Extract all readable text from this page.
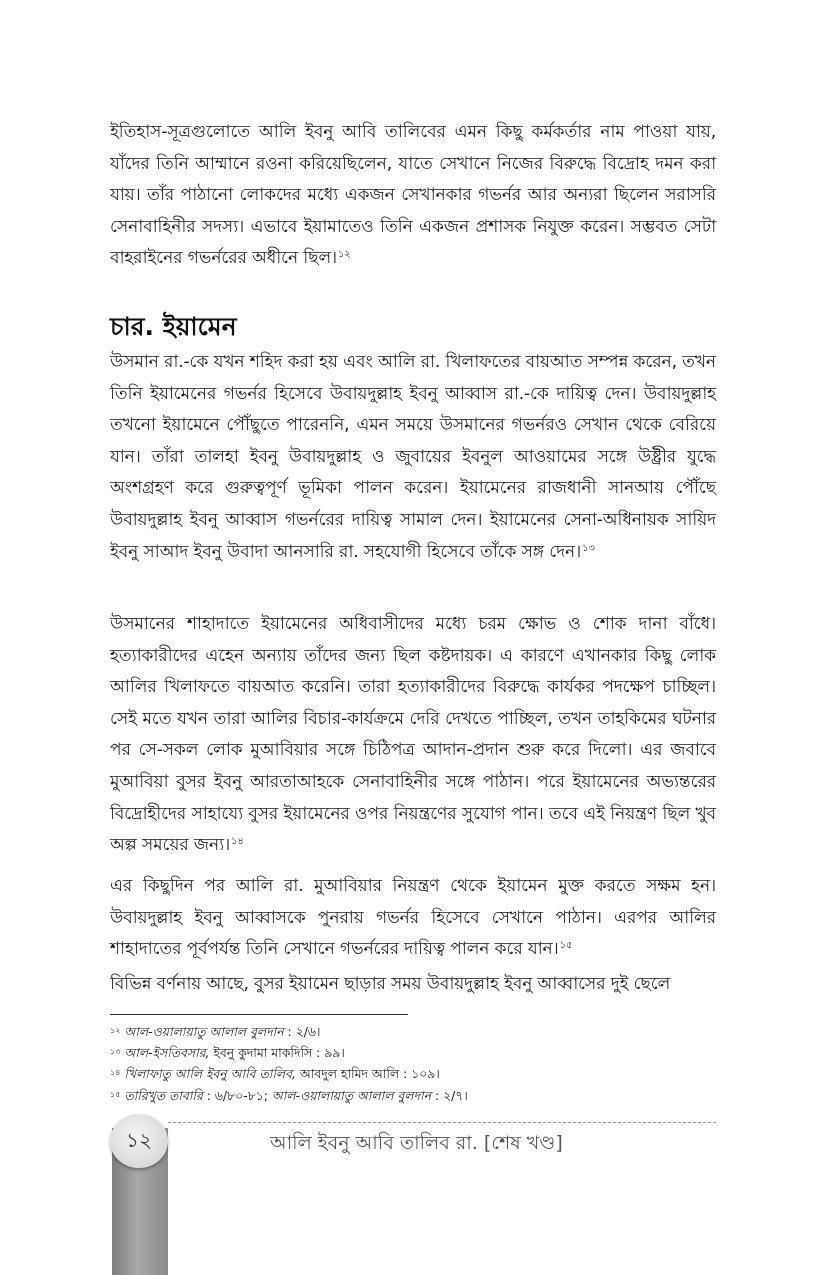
ইতিহাস-সূত্রগুলোতে আলি ইবনু আবি তালিবের এমন কিছু কর্মকর্তার নাম পাওয়া যায়, যাঁদের তিনি আম্মানে রওনা করিয়েছিলেন, যাতে সেখানে নিজের বিরুদ্ধে বিদ্রোহ দমন করা যায়। তাঁর পাঠানো লোকদের মধ্যে একজন সেখানকার গভর্নর আর অন্যরা ছিলেন সরাসরি সেনাবাহিনীর সদস্য। এভাবে ইয়ামাতেও তিনি একজন প্রশাসক নিযুক্ত করেন। সম্ভবত সেটা বাহরাইনের গভর্নরের অধীনে ছিল।$^{১২}$

চার. ইয়ামেন

উসমান রা.-কে যখন শহিদ করা হয় এবং আলি রা. খিলাফতের বায়আত সম্পন্ন করেন, তখন তিনি ইয়ামেনের গভর্নর হিসেবে উবায়দুল্লাহ ইবনু আব্বাস রা.-কে দায়িত্ব দেন। উবায়দুল্লাহ তখনো ইয়ামেনে পৌঁছুতে পারেননি, এমন সময়ে উসমানের গভর্নরও সেখান থেকে বেরিয়ে যান। তাঁরা তালহা ইবনু উবায়দুল্লাহ ও জুবায়ের ইবনুল আওয়ামের সঙ্গে উষ্ট্রীর যুদ্ধে অংশগ্রহণ করে গুরুত্বপূর্ণ ভূমিকা পালন করেন। ইয়ামেনের রাজধানী সানআয় পৌঁছে উবায়দুল্লাহ ইবনু আব্বাস গভর্নরের দায়িত্ব সামাল দেন। ইয়ামেনের সেনা-অধিনায়ক সায়িদ ইবনু সাআদ ইবনু উবাদা আনসারি রা. সহযোগী হিসেবে তাঁকে সঙ্গ দেন।$^{১৩}$

উসমানের শাহাদাতে ইয়ামেনের অধিবাসীদের মধ্যে চরম ক্ষোভ ও শোক দানা বাঁধে। হত্যাকারীদের এহেন অন্যায় তাঁদের জন্য ছিল কষ্টদায়ক। এ কারণে এখানকার কিছু লোক আলির খিলাফতে বায়আত করেনি। তারা হত্যাকারীদের বিরুদ্ধে কার্যকর পদক্ষেপ চাচ্ছিল। সেই মতে যখন তারা আলির বিচার-কার্যক্রমে দেরি দেখতে পাচ্ছিল, তখন তাহকিমের ঘটনার পর সে-সকল লোক মুআবিয়ার সঙ্গে চিঠিপত্র আদান-প্রদান শুরু করে দিলো। এর জবাবে মুআবিয়া বুসর ইবনু আরতাআহকে সেনাবাহিনীর সঙ্গে পাঠান। পরে ইয়ামেনের অভ্যন্তরের বিদ্রোহীদের সাহায্যে বুসর ইয়ামেনের ওপর নিয়ন্ত্রণের সুযোগ পান। তবে এই নিয়ন্ত্রণ ছিল খুব অল্প সময়ের জন্য।$^{১৪}$

এর কিছুদিন পর আলি রা. মুআবিয়ার নিয়ন্ত্রণ থেকে ইয়ামেন মুক্ত করতে সক্ষম হন। উবায়দুল্লাহ ইবনু আব্বাসকে পুনরায় গভর্নর হিসেবে সেখানে পাঠান। এরপর আলির শাহাদাতের পূর্বপর্যন্ত তিনি সেখানে গভর্নরের দায়িত্ব পালন করে যান।$^{১৫}$

বিভিন্ন বর্ণনায় আছে, বুসর ইয়ামেন ছাড়ার সময় উবায়দুল্লাহ ইবনু আব্বাসের দুই ছেলে

$^{১২}$ আল-ওয়ালায়াতু আলাল বুলদান : ২/৬।

$^{১৩}$ আল-ইসতিবসার, ইবনু কুদামা মাকদিসি : ৯৯।

$^{১৪}$ খিলাফাতু আলি ইবনু আবি তালিব, আবদুল হামিদ আলি : ১০৯।

$^{১৫}$ তারিখুত তাবারি : ৬/৮০-৮১; আল-ওয়ালায়াতু আলাল বুলদান : ২/৭।

১২	আলি ইবনু আবি তালিব রা. [শেষ খণ্ড]
